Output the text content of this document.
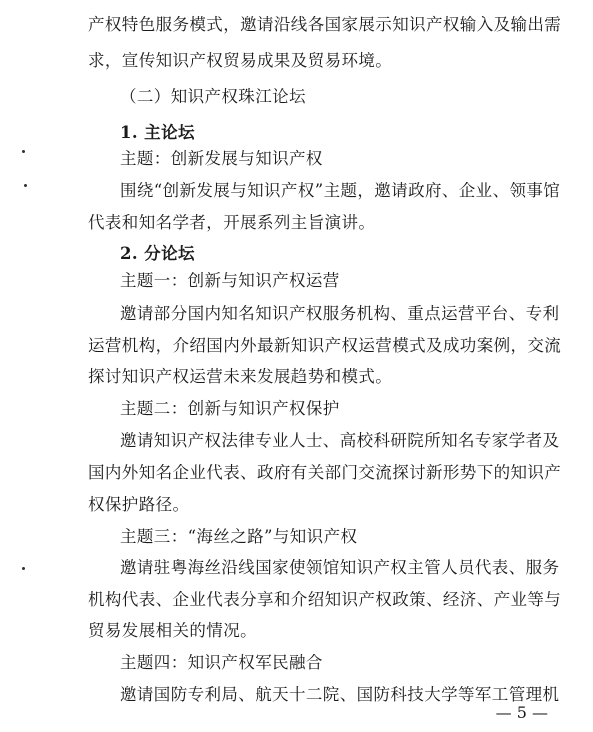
产权特色服务模式，邀请沿线各国家展示知识产权输入及输出需
求，宣传知识产权贸易成果及贸易环境。
（二）知识产权珠江论坛
1. 主论坛
主题：创新发展与知识产权
围绕“创新发展与知识产权”主题，邀请政府、企业、领事馆
代表和知名学者，开展系列主旨演讲。
2. 分论坛
主题一：创新与知识产权运营
邀请部分国内知名知识产权服务机构、重点运营平台、专利
运营机构，介绍国内外最新知识产权运营模式及成功案例，交流
探讨知识产权运营未来发展趋势和模式。
主题二：创新与知识产权保护
邀请知识产权法律专业人士、高校科研院所知名专家学者及
国内外知名企业代表、政府有关部门交流探讨新形势下的知识产
权保护路径。
主题三：“海丝之路”与知识产权
邀请驻粤海丝沿线国家使领馆知识产权主管人员代表、服务
机构代表、企业代表分享和介绍知识产权政策、经济、产业等与
贸易发展相关的情况。
主题四：知识产权军民融合
邀请国防专利局、航天十二院、国防科技大学等军工管理机
— 5 —
